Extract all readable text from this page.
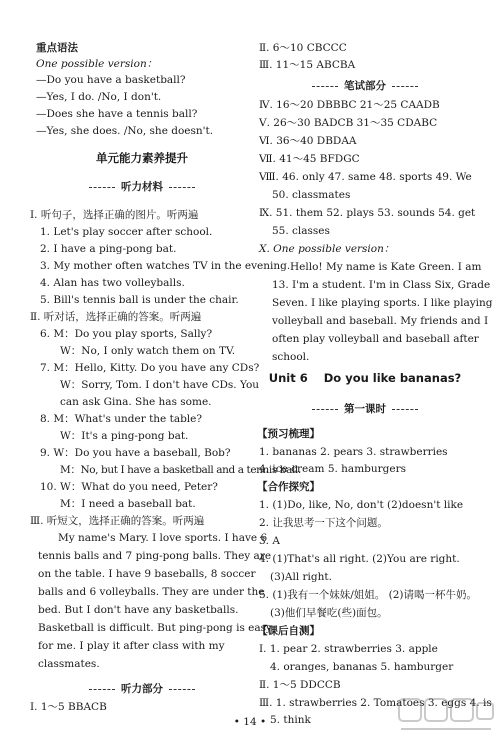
重点语法
One possible version：
—Do you have a basketball?
—Yes, I do. /No, I don't.
—Does she have a tennis ball?
—Yes, she does. /No, she doesn't.
单元能力素养提升
听力材料
Ⅰ. 听句子，选择正确的图片。听两遍
1. Let's play soccer after school.
2. I have a ping-pong bat.
3. My mother often watches TV in the evening.
4. Alan has two volleyballs.
5. Bill's tennis ball is under the chair.
Ⅱ. 听对话，选择正确的答案。听两遍
6. M：Do you play sports, Sally?
W：No, I only watch them on TV.
7. M：Hello, Kitty. Do you have any CDs?
W：Sorry, Tom. I don't have CDs. You
can ask Gina. She has some.
8. M：What's under the table?
W：It's a ping-pong bat.
9. W：Do you have a baseball, Bob?
M：No, but I have a basketball and a tennis ball.
10. W：What do you need, Peter?
M：I need a baseball bat.
Ⅲ. 听短文，选择正确的答案。听两遍
My name's Mary. I love sports. I have 6
tennis balls and 7 ping-pong balls. They are
on the table. I have 9 baseballs, 8 soccer
balls and 6 volleyballs. They are under the
bed. But I don't have any basketballs.
Basketball is difficult. But ping-pong is easy
for me. I play it after class with my
classmates.
听力部分
Ⅰ. 1～5 BBACB
Ⅱ. 6～10 CBCCC
Ⅲ. 11～15 ABCBA
笔试部分
Ⅳ. 16～20 DBBBC 21～25 CAADB
Ⅴ. 26～30 BADCB 31～35 CDABC
Ⅵ. 36～40 DBDAA
Ⅶ. 41～45 BFDGC
Ⅷ. 46. only 47. same 48. sports 49. We
50. classmates
Ⅸ. 51. them 52. plays 53. sounds 54. get
55. classes
Ⅹ. One possible version：
Hello! My name is Kate Green. I am
13. I'm a student. I'm in Class Six, Grade
Seven. I like playing sports. I like playing
volleyball and baseball. My friends and I
often play volleyball and baseball after
school.
Unit 6    Do you like bananas?
第一课时
【预习梳理】
1. bananas 2. pears 3. strawberries
4. ice cream 5. hamburgers
【合作探究】
1. (1)Do, like, No, don't (2)doesn't like
2. 让我思考一下这个问题。
3. A
4. (1)That's all right. (2)You are right.
(3)All right.
5. (1)我有一个妹妹/姐姐。 (2)请喝一杯牛奶。
(3)他们早餐吃(些)面包。
【课后自测】
Ⅰ. 1. pear 2. strawberries 3. apple
4. oranges, bananas 5. hamburger
Ⅱ. 1～5 DDCCB
Ⅲ. 1. strawberries 2. Tomatoes 3. eggs 4. is
5. think
• 14 •
